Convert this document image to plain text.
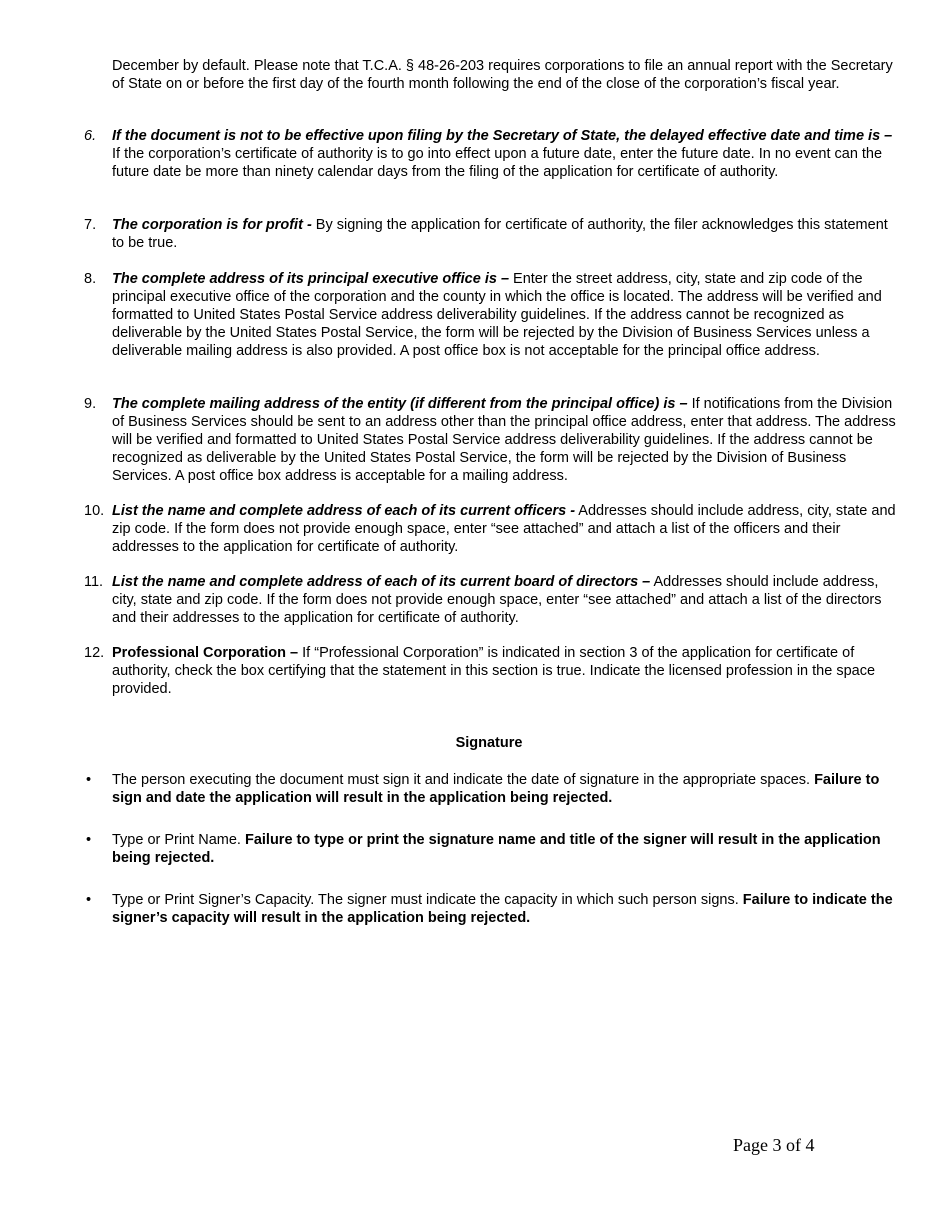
December by default. Please note that T.C.A. § 48-26-203 requires corporations to file an annual report with the Secretary of State on or before the first day of the fourth month following the end of the close of the corporation’s fiscal year.

6.	If the document is not to be effective upon filing by the Secretary of State, the delayed effective date and time is – If the corporation’s certificate of authority is to go into effect upon a future date, enter the future date. In no event can the future date be more than ninety calendar days from the filing of the application for certificate of authority.
7.	The corporation is for profit - By signing the application for certificate of authority, the filer acknowledges this statement to be true.
8.	The complete address of its principal executive office is – Enter the street address, city, state and zip code of the principal executive office of the corporation and the county in which the office is located. The address will be verified and formatted to United States Postal Service address deliverability guidelines. If the address cannot be recognized as deliverable by the United States Postal Service, the form will be rejected by the Division of Business Services unless a deliverable mailing address is also provided. A post office box is not acceptable for the principal office address.
9.	The complete mailing address of the entity (if different from the principal office) is – If notifications from the Division of Business Services should be sent to an address other than the principal office address, enter that address. The address will be verified and formatted to United States Postal Service address deliverability guidelines. If the address cannot be recognized as deliverable by the United States Postal Service, the form will be rejected by the Division of Business Services. A post office box address is acceptable for a mailing address.
10. List the name and complete address of each of its current officers - Addresses should include address, city, state and zip code. If the form does not provide enough space, enter “see attached” and attach a list of the officers and their addresses to the application for certificate of authority.
11. List the name and complete address of each of its current board of directors – Addresses should include address, city, state and zip code. If the form does not provide enough space, enter “see attached” and attach a list of the directors and their addresses to the application for certificate of authority.
12. Professional Corporation – If “Professional Corporation” is indicated in section 3 of the application for certificate of authority, check the box certifying that the statement in this section is true. Indicate the licensed profession in the space provided.
Signature
• The person executing the document must sign it and indicate the date of signature in the appropriate spaces. Failure to sign and date the application will result in the application being rejected.
• Type or Print Name. Failure to type or print the signature name and title of the signer will result in the application being rejected.
• Type or Print Signer’s Capacity. The signer must indicate the capacity in which such person signs. Failure to indicate the signer’s capacity will result in the application being rejected.
Page 3 of 4
